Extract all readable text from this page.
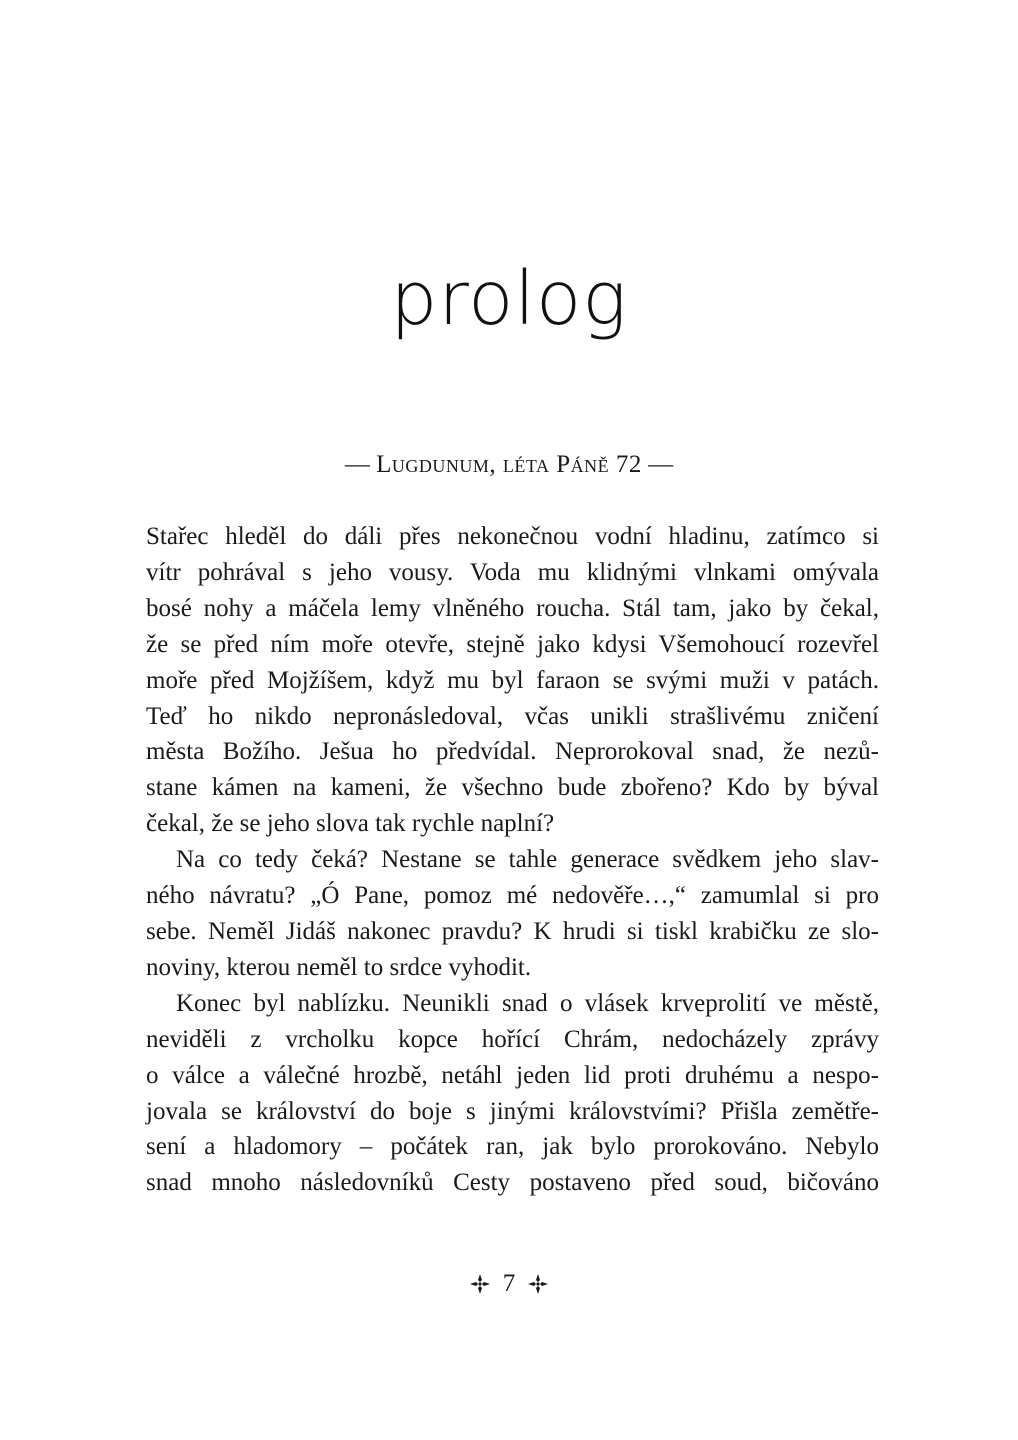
prolog

— Lugdunum, léta Páně 72 —

Stařec hleděl do dáli přes nekonečnou vodní hladinu, zatímco si
vítr pohrával s jeho vousy. Voda mu klidnými vlnkami omývala
bosé nohy a máčela lemy vlněného roucha. Stál tam, jako by čekal,
že se před ním moře otevře, stejně jako kdysi Všemohoucí rozevřel
moře před Mojžíšem, když mu byl faraon se svými muži v patách.
Teď ho nikdo nepronásledoval, včas unikli strašlivému zničení
města Božího. Ješua ho předvídal. Neprorokoval snad, že nezů-
stane kámen na kameni, že všechno bude zbořeno? Kdo by býval
čekal, že se jeho slova tak rychle naplní?
Na co tedy čeká? Nestane se tahle generace svědkem jeho slav-
ného návratu? „Ó Pane, pomoz mé nedověře…,“ zamumlal si pro
sebe. Neměl Jidáš nakonec pravdu? K hrudi si tiskl krabičku ze slo-
noviny, kterou neměl to srdce vyhodit.
Konec byl nablízku. Neunikli snad o vlásek krveprolití ve městě,
neviděli z vrcholku kopce hořící Chrám, nedocházely zprávy
o válce a válečné hrozbě, netáhl jeden lid proti druhému a nespo-
jovala se království do boje s jinými královstvími? Přišla zemětře-
sení a hladomory – počátek ran, jak bylo prorokováno. Nebylo
snad mnoho následovníků Cesty postaveno před soud, bičováno

7
